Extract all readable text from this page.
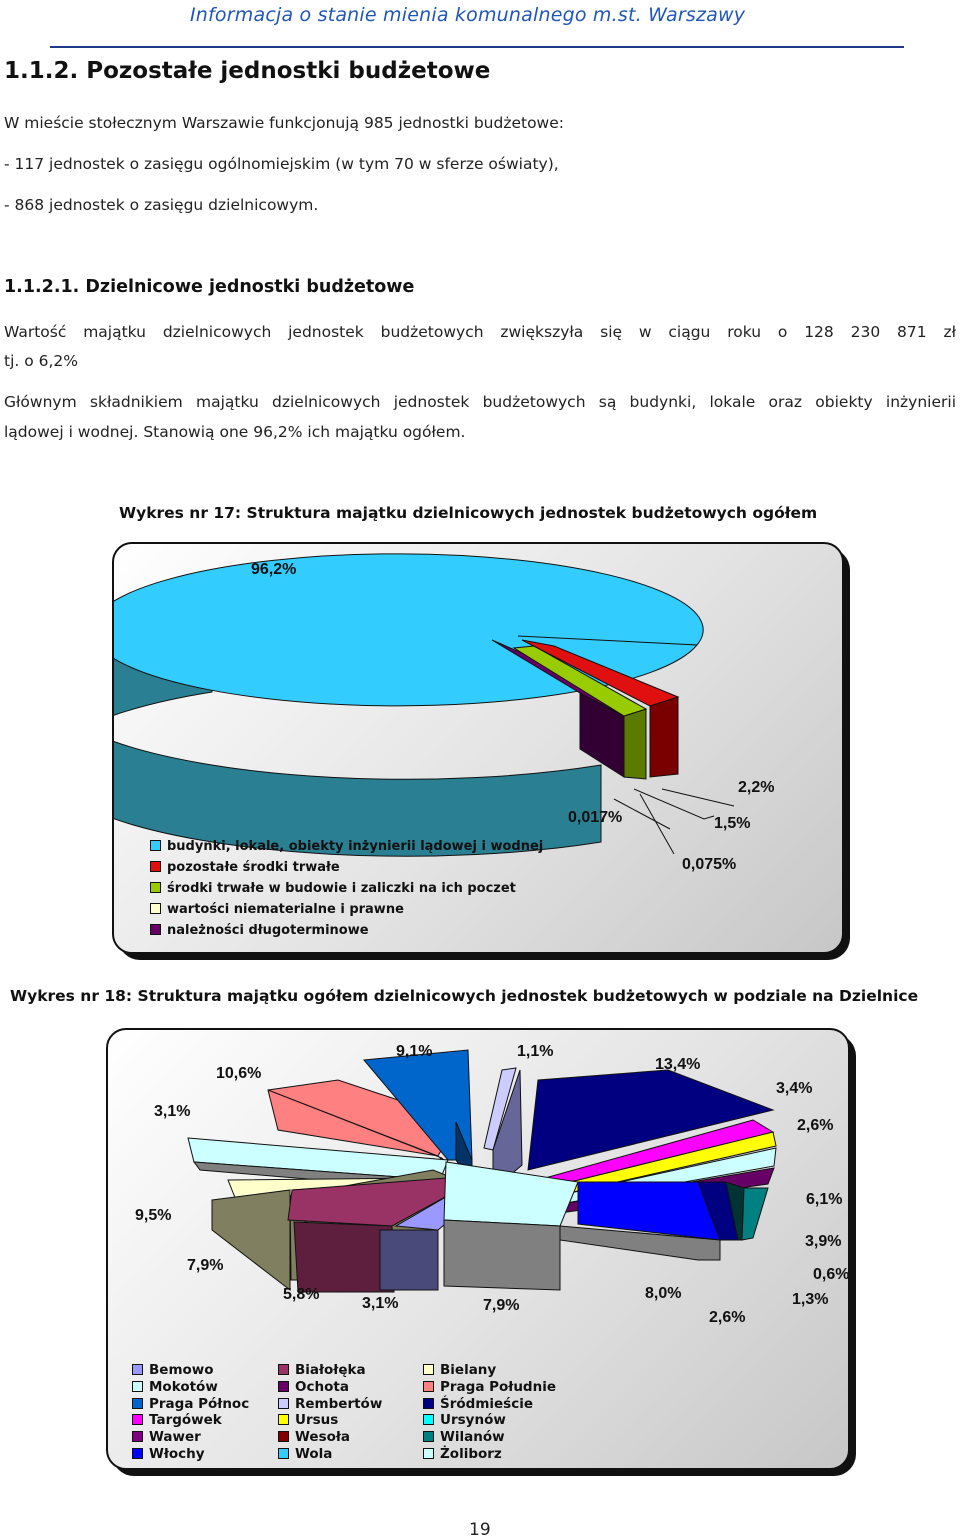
Informacja o stanie mienia komunalnego m.st. Warszawy
1.1.2. Pozostałe jednostki budżetowe
W mieście stołecznym Warszawie funkcjonują 985 jednostki budżetowe:
- 117 jednostek o zasięgu ogólnomiejskim (w tym 70 w sferze oświaty),
- 868 jednostek o zasięgu dzielnicowym.
1.1.2.1. Dzielnicowe jednostki budżetowe
Wartość majątku dzielnicowych jednostek budżetowych zwiększyła się w ciągu roku o 128 230 871 zł
tj. o 6,2%
Głównym składnikiem majątku dzielnicowych jednostek budżetowych są budynki, lokale oraz obiekty inżynierii
lądowej i wodnej. Stanowią one 96,2% ich majątku ogółem.
Wykres nr 17: Struktura majątku dzielnicowych jednostek budżetowych ogółem
96,2%
2,2%
1,5%
0,075%
0,017%
budynki, lokale, obiekty inżynierii lądowej i wodnej
pozostałe środki trwałe
środki trwałe w budowie i zaliczki na ich poczet
wartości niematerialne i prawne
należności długoterminowe
Wykres nr 18: Struktura majątku ogółem dzielnicowych jednostek budżetowych w podziale na Dzielnice
3,1%
10,6%
9,1%	1,1%
13,4%
3,4%
2,6%
6,1%
3,9%
0,6%
1,3%
2,6%
8,0%
7,9%
3,1%
5,8%
7,9%
9,5%
Bemowo
Mokotów
Praga Północ
Targówek
Wawer
Włochy
Białołęka
Ochota
Rembertów
Ursus
Wesoła
Wola
Bielany
Praga Południe
Śródmieście
Ursynów
Wilanów
Żoliborz
19
